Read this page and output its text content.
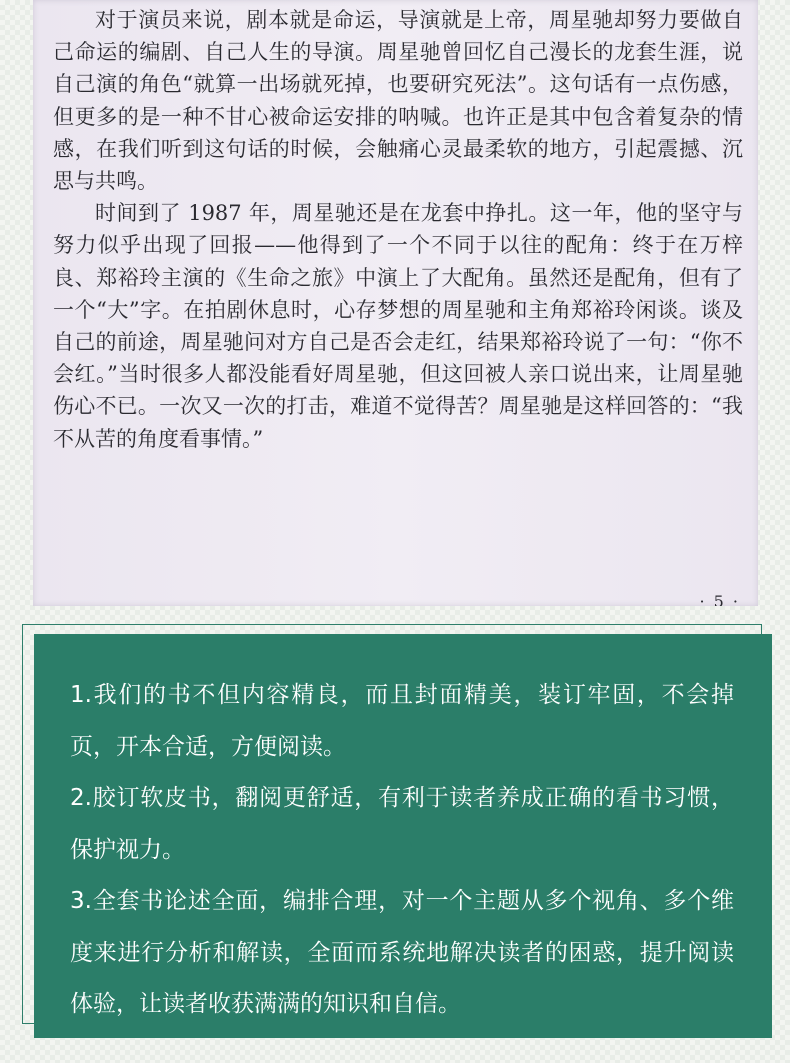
对于演员来说，剧本就是命运，导演就是上帝，周星驰却努力要做自己命运的编剧、自己人生的导演。周星驰曾回忆自己漫长的龙套生涯，说自己演的角色“就算一出场就死掉，也要研究死法”。这句话有一点伤感，但更多的是一种不甘心被命运安排的呐喊。也许正是其中包含着复杂的情感，在我们听到这句话的时候，会触痛心灵最柔软的地方，引起震撼、沉思与共鸣。

时间到了 1987 年，周星驰还是在龙套中挣扎。这一年，他的坚守与努力似乎出现了回报——他得到了一个不同于以往的配角：终于在万梓良、郑裕玲主演的《生命之旅》中演上了大配角。虽然还是配角，但有了一个“大”字。在拍剧休息时，心存梦想的周星驰和主角郑裕玲闲谈。谈及自己的前途，周星驰问对方自己是否会走红，结果郑裕玲说了一句：“你不会红。”当时很多人都没能看好周星驰，但这回被人亲口说出来，让周星驰伤心不已。一次又一次的打击，难道不觉得苦？周星驰是这样回答的：“我不从苦的角度看事情。”

· 5 ·

1.我们的书不但内容精良，而且封面精美，装订牢固，不会掉页，开本合适，方便阅读。

2.胶订软皮书，翻阅更舒适，有利于读者养成正确的看书习惯，保护视力。

3.全套书论述全面，编排合理，对一个主题从多个视角、多个维度来进行分析和解读，全面而系统地解决读者的困惑，提升阅读体验，让读者收获满满的知识和自信。
